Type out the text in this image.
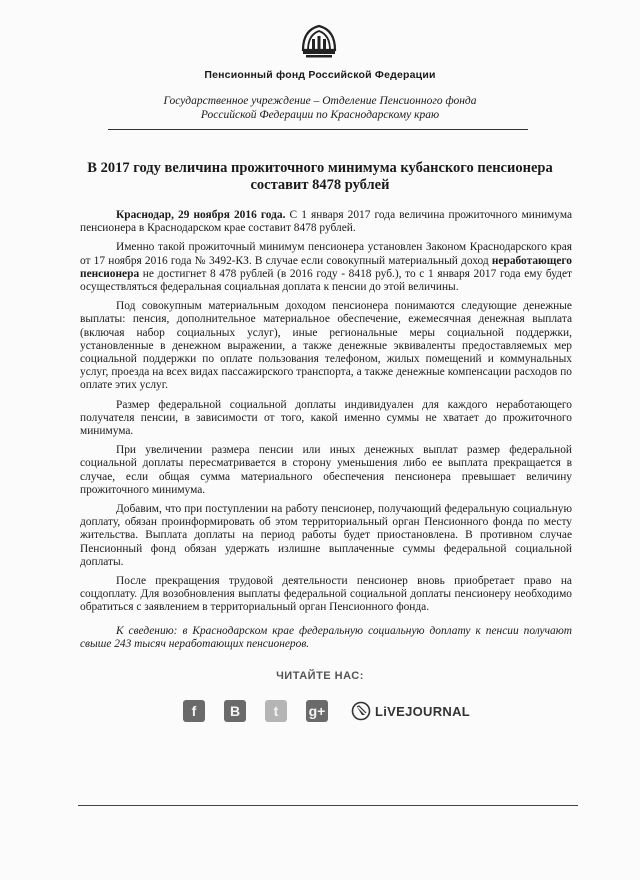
Пенсионный фонд Российской Федерации
Государственное учреждение – Отделение Пенсионного фонда
Российской Федерации по Краснодарскому краю
В 2017 году величина прожиточного минимума кубанского пенсионера
составит 8478 рублей

Краснодар, 29 ноября 2016 года. С 1 января 2017 года величина прожиточного минимума пенсионера в Краснодарском крае составит 8478 рублей.

Именно такой прожиточный минимум пенсионера установлен Законом Краснодарского края от 17 ноября 2016 года № 3492-КЗ. В случае если совокупный материальный доход неработающего пенсионера не достигнет 8 478 рублей (в 2016 году - 8418 руб.), то с 1 января 2017 года ему будет осуществляться федеральная социальная доплата к пенсии до этой величины.

Под совокупным материальным доходом пенсионера понимаются следующие денежные выплаты: пенсия, дополнительное материальное обеспечение, ежемесячная денежная выплата (включая набор социальных услуг), иные региональные меры социальной поддержки, установленные в денежном выражении, а также денежные эквиваленты предоставляемых мер социальной поддержки по оплате пользования телефоном, жилых помещений и коммунальных услуг, проезда на всех видах пассажирского транспорта, а также денежные компенсации расходов по оплате этих услуг.

Размер федеральной социальной доплаты индивидуален для каждого неработающего получателя пенсии, в зависимости от того, какой именно суммы не хватает до прожиточного минимума.

При увеличении размера пенсии или иных денежных выплат размер федеральной социальной доплаты пересматривается в сторону уменьшения либо ее выплата прекращается в случае, если общая сумма материального обеспечения пенсионера превышает величину прожиточного минимума.

Добавим, что при поступлении на работу пенсионер, получающий федеральную социальную доплату, обязан проинформировать об этом территориальный орган Пенсионного фонда по месту жительства. Выплата доплаты на период работы будет приостановлена. В противном случае Пенсионный фонд обязан удержать излишне выплаченные суммы федеральной социальной доплаты.

После прекращения трудовой деятельности пенсионер вновь приобретает право на соцдоплату. Для возобновления выплаты федеральной социальной доплаты пенсионеру необходимо обратиться с заявлением в территориальный орган Пенсионного фонда.

К сведению: в Краснодарском крае федеральную социальную доплату к пенсии получают свыше 243 тысяч неработающих пенсионеров.

ЧИТАЙТЕ НАС:
f	B	t	g+	LiVEJOURNAL
